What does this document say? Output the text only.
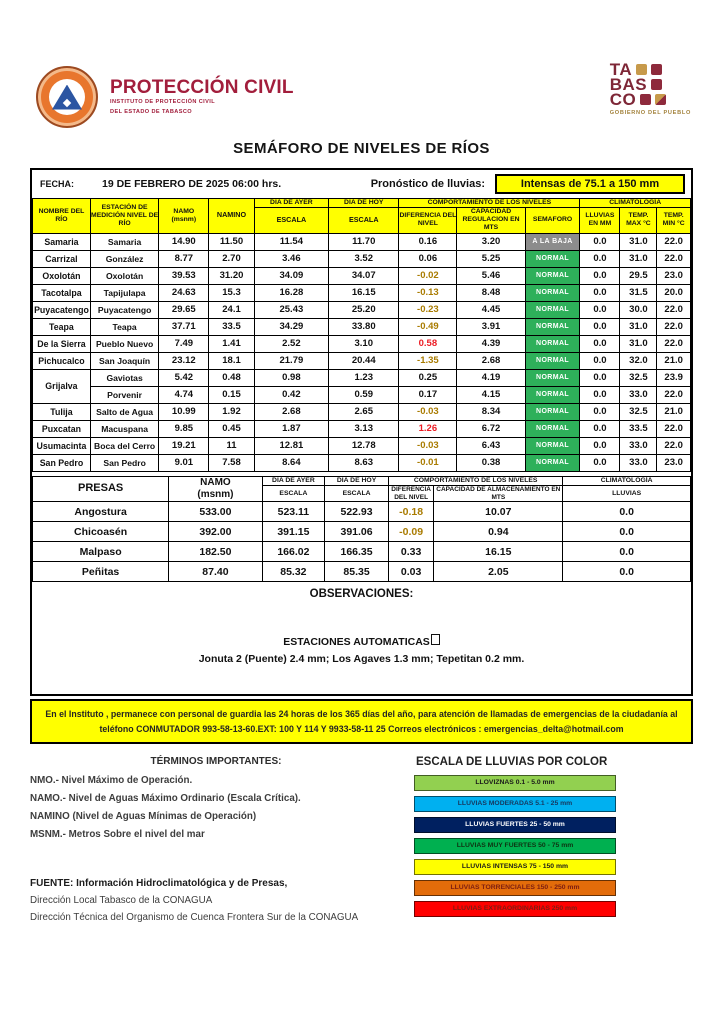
PROTECCIÓN CIVIL
INSTITUTO DE PROTECCIÓN CIVIL
DEL ESTADO DE TABASCO
TA
BAS
CO
GOBIERNO DEL PUEBLO
SEMÁFORO DE NIVELES DE RÍOS
FECHA:	19 DE FEBRERO DE 2025 06:00 hrs.	Pronóstico de lluvias:	Intensas de 75.1 a 150 mm
NOMBRE DEL RÍO	ESTACIÓN DE MEDICIÓN NIVEL DE RÍO	NAMO
(msnm)	NAMINO	DIA DE AYER	DIA DE HOY	COMPORTAMIENTO DE LOS NIVELES			CLIMATOLOGÍA		
				ESCALA	ESCALA	DIFERENCIA DEL NIVEL	CAPACIDAD REGULACION EN MTS	SEMAFORO	LLUVIAS EN MM	TEMP. MAX °C	TEMP. MIN °C
Samaria	Samaria	14.90	11.50	11.54	11.70	0.16	3.20	A LA BAJA	0.0	31.0	22.0
Carrizal	González	8.77	2.70	3.46	3.52	0.06	5.25	NORMAL	0.0	31.0	22.0
Oxolotán	Oxolotán	39.53	31.20	34.09	34.07	-0.02	5.46	NORMAL	0.0	29.5	23.0
Tacotalpa	Tapijulapa	24.63	15.3	16.28	16.15	-0.13	8.48	NORMAL	0.0	31.5	20.0
Puyacatengo	Puyacatengo	29.65	24.1	25.43	25.20	-0.23	4.45	NORMAL	0.0	30.0	22.0
Teapa	Teapa	37.71	33.5	34.29	33.80	-0.49	3.91	NORMAL	0.0	31.0	22.0
De la Sierra	Pueblo Nuevo	7.49	1.41	2.52	3.10	0.58	4.39	NORMAL	0.0	31.0	22.0
Pichucalco	San Joaquín	23.12	18.1	21.79	20.44	-1.35	2.68	NORMAL	0.0	32.0	21.0
Grijalva	Gaviotas	5.42	0.48	0.98	1.23	0.25	4.19	NORMAL	0.0	32.5	23.9
	Porvenir	4.74	0.15	0.42	0.59	0.17	4.15	NORMAL	0.0	33.0	22.0
Tulija	Salto de Agua	10.99	1.92	2.68	2.65	-0.03	8.34	NORMAL	0.0	32.5	21.0
Puxcatan	Macuspana	9.85	0.45	1.87	3.13	1.26	6.72	NORMAL	0.0	33.5	22.0
Usumacinta	Boca del Cerro	19.21	11	12.81	12.78	-0.03	6.43	NORMAL	0.0	33.0	22.0
San Pedro	San Pedro	9.01	7.58	8.64	8.63	-0.01	0.38	NORMAL	0.0	33.0	23.0
PRESAS	NAMO
(msnm)	DIA DE AYER	DIA DE HOY	COMPORTAMIENTO DE LOS NIVELES		CLIMATOLOGÍA
		ESCALA	ESCALA	DIFERENCIA DEL NIVEL	CAPACIDAD DE ALMACENAMIENTO EN MTS	LLUVIAS
Angostura	533.00	523.11	522.93	-0.18	10.07	0.0
Chicoasén	392.00	391.15	391.06	-0.09	0.94	0.0
Malpaso	182.50	166.02	166.35	0.33	16.15	0.0
Peñitas	87.40	85.32	85.35	0.03	2.05	0.0
OBSERVACIONES:
ESTACIONES AUTOMATICAS
Jonuta 2 (Puente) 2.4 mm; Los Agaves 1.3 mm; Tepetitan 0.2 mm.
En el Instituto , permanece con personal de guardia las 24 horas de los 365 días del año, para atención de llamadas de emergencias de la ciudadanía al teléfono CONMUTADOR 993-58-13-60.EXT: 100 Y 114 Y 9933-58-11 25 Correos electrónicos : emergencias_delta@hotmail.com
TÉRMINOS IMPORTANTES:
NMO.- Nivel Máximo de Operación.
NAMO.- Nivel de Aguas Máximo Ordinario (Escala Crítica).
NAMINO (Nivel de Aguas Mínimas de Operación)
MSNM.- Metros Sobre el nivel del mar
FUENTE: Información Hidroclimatológica y de Presas,
Dirección Local Tabasco de la CONAGUA
Dirección Técnica del Organismo de Cuenca Frontera Sur de la CONAGUA
ESCALA DE LLUVIAS POR COLOR
LLOVIZNAS 0.1 - 5.0 mm
LLUVIAS MODERADAS 5.1 - 25 mm
LLUVIAS FUERTES 25 - 50 mm
LLUVIAS MUY FUERTES 50 - 75 mm
LLUVIAS INTENSAS 75 - 150 mm
LLUVIAS TORRENCIALES 150 - 250 mm
LLUVIAS EXTRAORDINARIAS 250 mm
